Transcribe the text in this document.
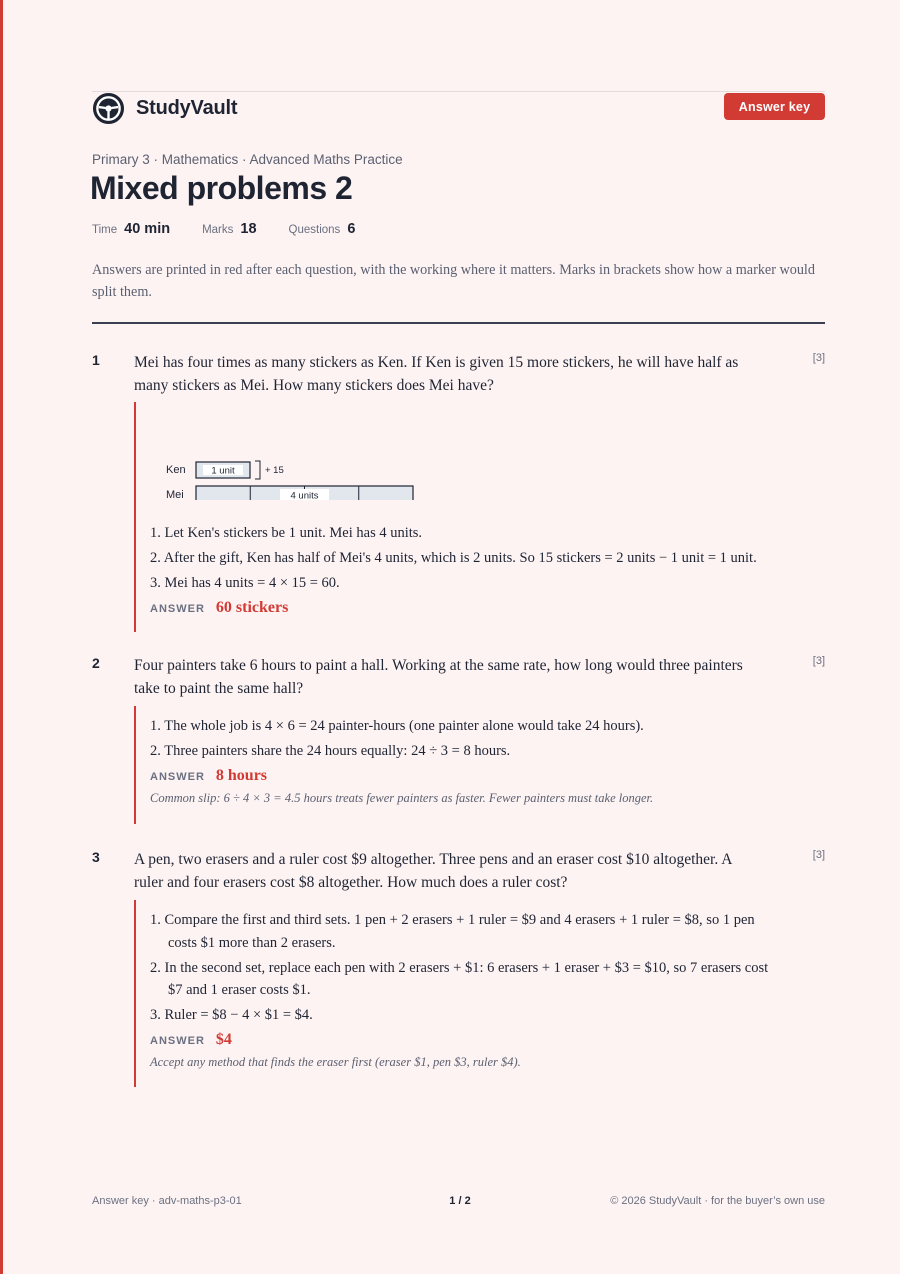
StudyVault	Answer key
Primary 3 · Mathematics · Advanced Maths Practice
Mixed problems 2
Time 40 min	Marks 18	Questions 6
Answers are printed in red after each question, with the working where it matters. Marks in brackets show how a marker would split them.
1 Mei has four times as many stickers as Ken. If Ken is given 15 more stickers, he will have half as many stickers as Mei. How many stickers does Mei have?
[3]
Ken	1 unit	+ 15
Mei	4 units
Let Ken's stickers be 1 unit. Mei has 4 units.
After the gift, Ken has half of Mei's 4 units, which is 2 units. So 15 stickers = 2 units − 1 unit = 1 unit.
Mei has 4 units = 4 × 15 = 60.
ANSWER 60 stickers
2 Four painters take 6 hours to paint a hall. Working at the same rate, how long would three painters take to paint the same hall?
[3]
The whole job is 4 × 6 = 24 painter-hours (one painter alone would take 24 hours).
Three painters share the 24 hours equally: 24 ÷ 3 = 8 hours.
ANSWER 8 hours
Common slip: 6 ÷ 4 × 3 = 4.5 hours treats fewer painters as faster. Fewer painters must take longer.
3 A pen, two erasers and a ruler cost $9 altogether. Three pens and an eraser cost $10 altogether. A ruler and four erasers cost $8 altogether. How much does a ruler cost?
[3]
Compare the first and third sets. 1 pen + 2 erasers + 1 ruler = $9 and 4 erasers + 1 ruler = $8, so 1 pen costs $1 more than 2 erasers.
In the second set, replace each pen with 2 erasers + $1: 6 erasers + 1 eraser + $3 = $10, so 7 erasers cost $7 and 1 eraser costs $1.
Ruler = $8 − 4 × $1 = $4.
ANSWER $4
Accept any method that finds the eraser first (eraser $1, pen $3, ruler $4).
Answer key · adv-maths-p3-01	1 / 2	© 2026 StudyVault · for the buyer’s own use
